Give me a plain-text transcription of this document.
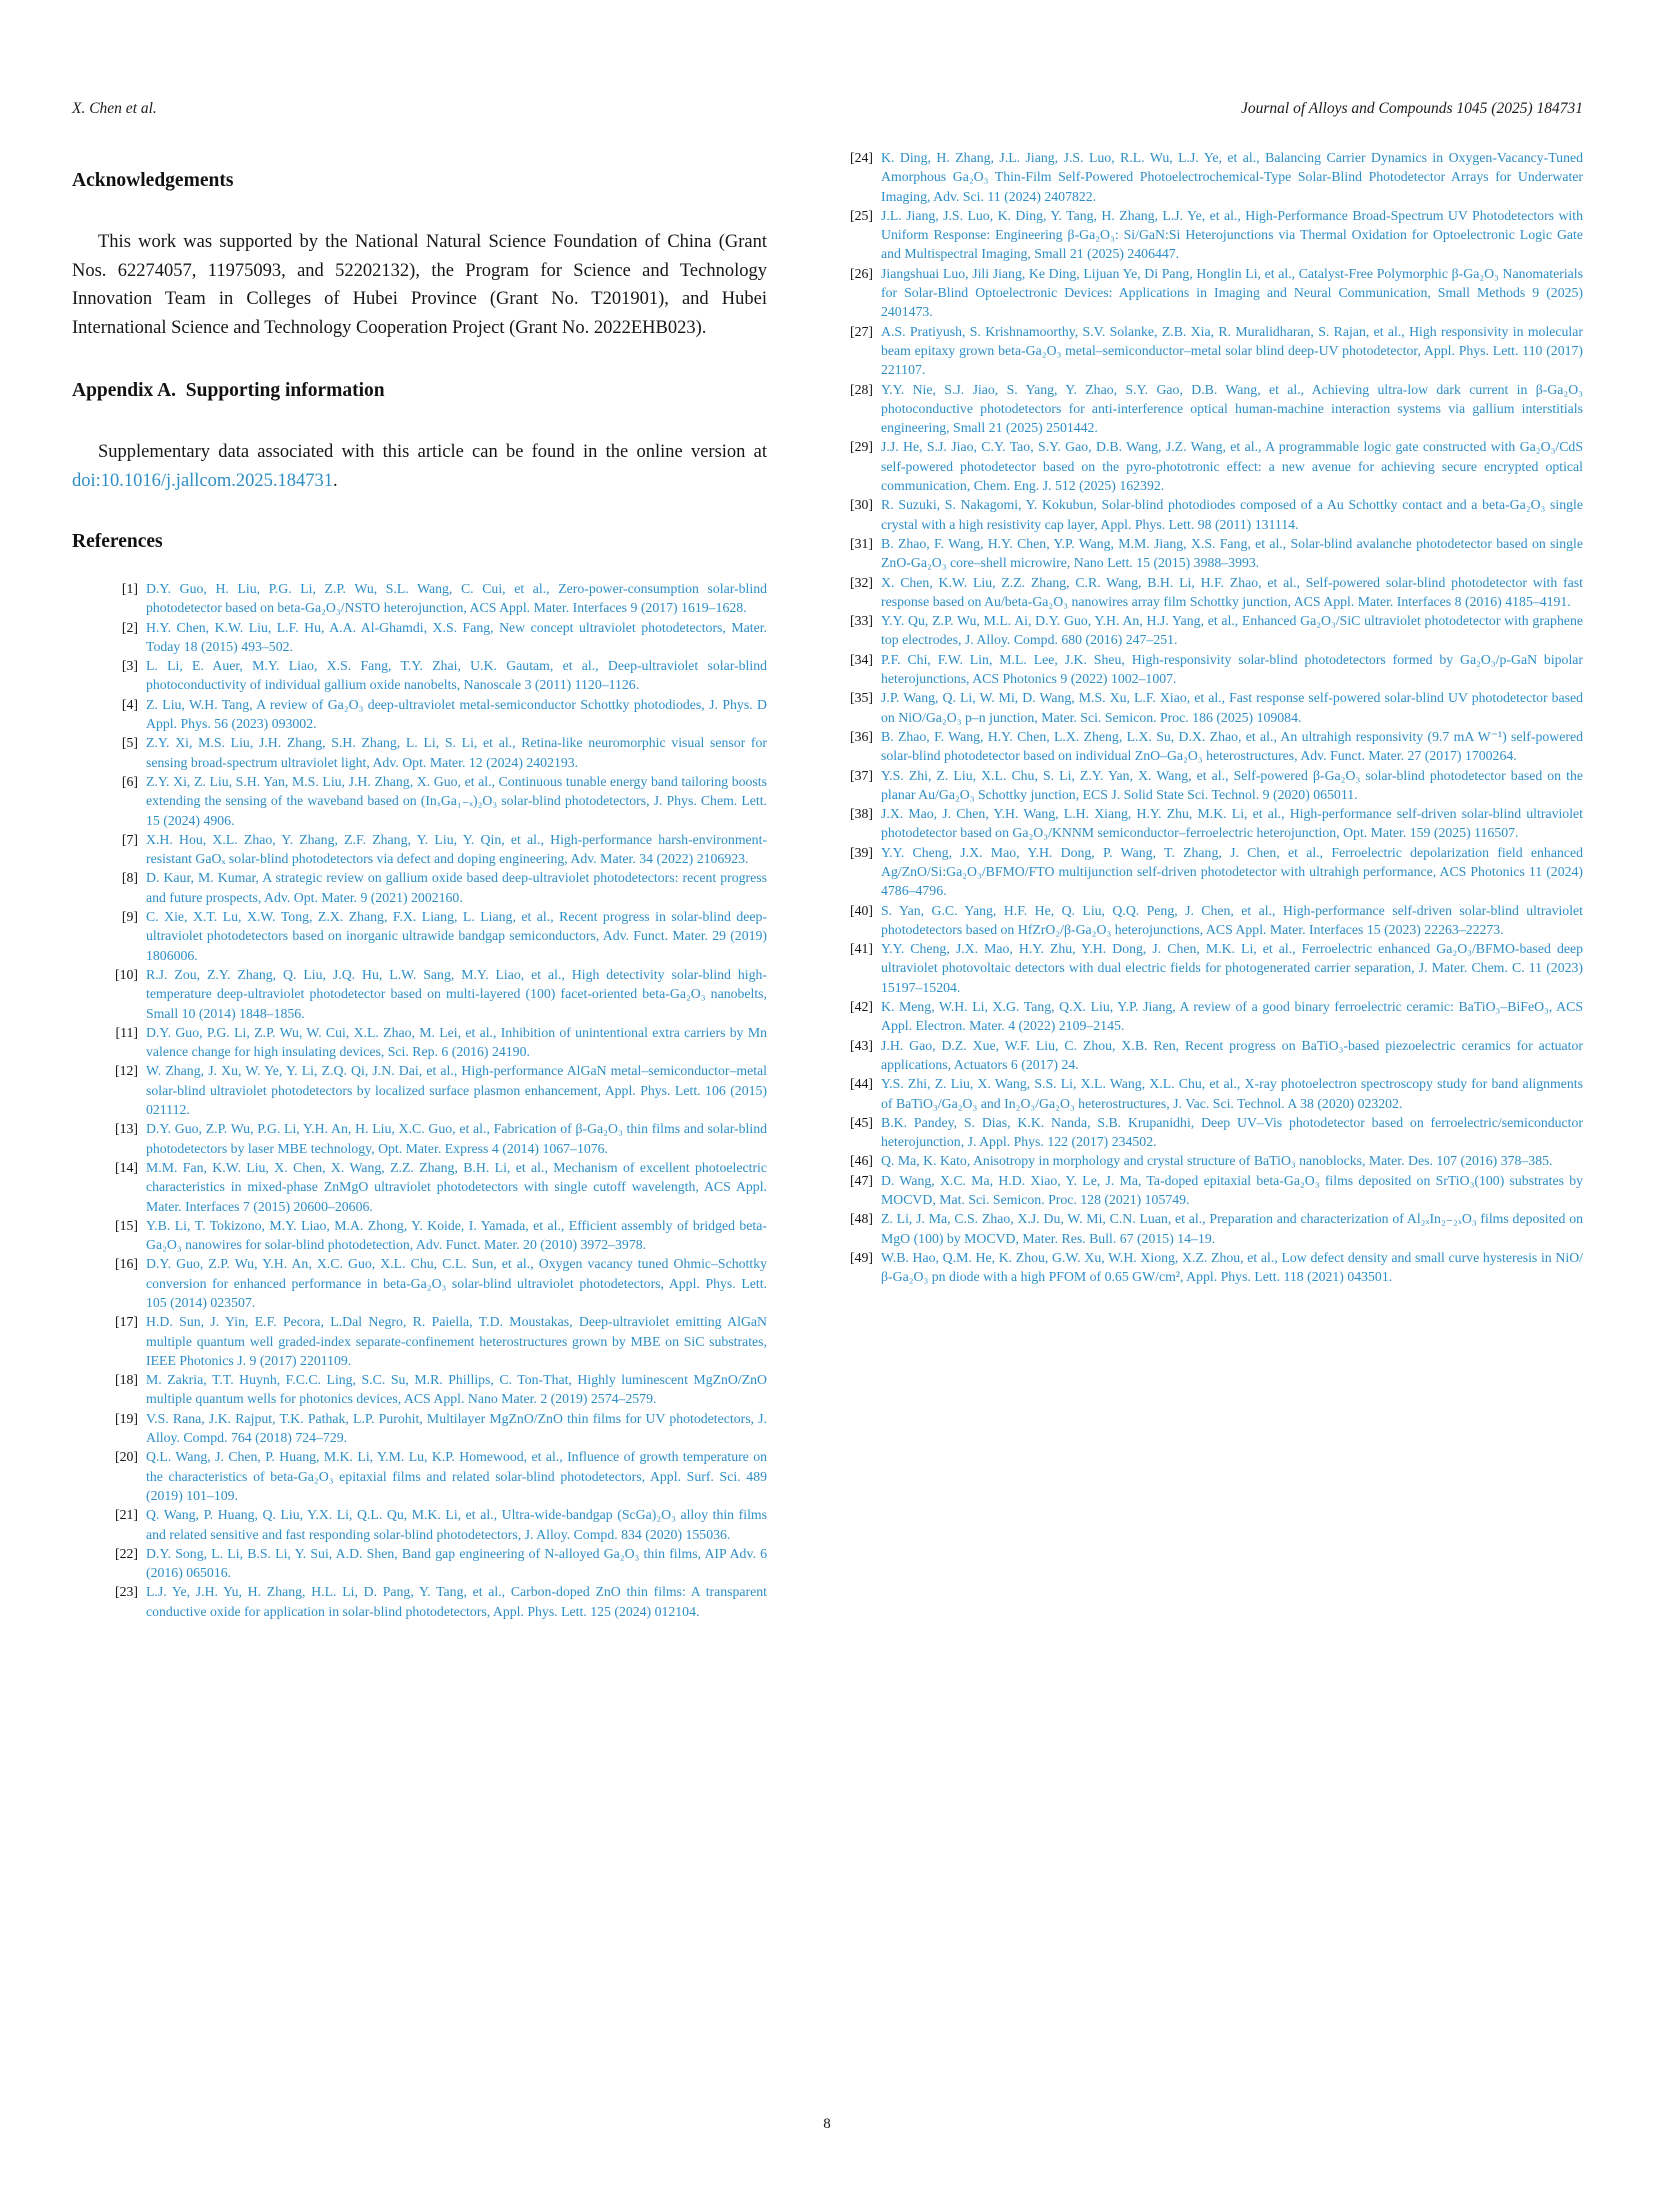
X. Chen et al.	Journal of Alloys and Compounds 1045 (2025) 184731
Acknowledgements

This work was supported by the National Natural Science Foundation of China (Grant Nos. 62274057, 11975093, and 52202132), the Program for Science and Technology Innovation Team in Colleges of Hubei Province (Grant No. T201901), and Hubei International Science and Technology Cooperation Project (Grant No. 2022EHB023).

Appendix A.  Supporting information

Supplementary data associated with this article can be found in the online version at doi:10.1016/j.jallcom.2025.184731.

References
[1] D.Y. Guo, H. Liu, P.G. Li, Z.P. Wu, S.L. Wang, C. Cui, et al., Zero-power-consumption solar-blind photodetector based on beta-Ga₂O₃/NSTO heterojunction, ACS Appl. Mater. Interfaces 9 (2017) 1619–1628.
[2] H.Y. Chen, K.W. Liu, L.F. Hu, A.A. Al-Ghamdi, X.S. Fang, New concept ultraviolet photodetectors, Mater. Today 18 (2015) 493–502.
[3] L. Li, E. Auer, M.Y. Liao, X.S. Fang, T.Y. Zhai, U.K. Gautam, et al., Deep-ultraviolet solar-blind photoconductivity of individual gallium oxide nanobelts, Nanoscale 3 (2011) 1120–1126.
[4] Z. Liu, W.H. Tang, A review of Ga₂O₃ deep-ultraviolet metal-semiconductor Schottky photodiodes, J. Phys. D Appl. Phys. 56 (2023) 093002.
[5] Z.Y. Xi, M.S. Liu, J.H. Zhang, S.H. Zhang, L. Li, S. Li, et al., Retina-like neuromorphic visual sensor for sensing broad-spectrum ultraviolet light, Adv. Opt. Mater. 12 (2024) 2402193.
[6] Z.Y. Xi, Z. Liu, S.H. Yan, M.S. Liu, J.H. Zhang, X. Guo, et al., Continuous tunable energy band tailoring boosts extending the sensing of the waveband based on (InₓGa₁₋ₓ)₂O₃ solar-blind photodetectors, J. Phys. Chem. Lett. 15 (2024) 4906.
[7] X.H. Hou, X.L. Zhao, Y. Zhang, Z.F. Zhang, Y. Liu, Y. Qin, et al., High-performance harsh-environment-resistant GaOₓ solar-blind photodetectors via defect and doping engineering, Adv. Mater. 34 (2022) 2106923.
[8] D. Kaur, M. Kumar, A strategic review on gallium oxide based deep-ultraviolet photodetectors: recent progress and future prospects, Adv. Opt. Mater. 9 (2021) 2002160.
[9] C. Xie, X.T. Lu, X.W. Tong, Z.X. Zhang, F.X. Liang, L. Liang, et al., Recent progress in solar-blind deep-ultraviolet photodetectors based on inorganic ultrawide bandgap semiconductors, Adv. Funct. Mater. 29 (2019) 1806006.
[10] R.J. Zou, Z.Y. Zhang, Q. Liu, J.Q. Hu, L.W. Sang, M.Y. Liao, et al., High detectivity solar-blind high-temperature deep-ultraviolet photodetector based on multi-layered (100) facet-oriented beta-Ga₂O₃ nanobelts, Small 10 (2014) 1848–1856.
[11] D.Y. Guo, P.G. Li, Z.P. Wu, W. Cui, X.L. Zhao, M. Lei, et al., Inhibition of unintentional extra carriers by Mn valence change for high insulating devices, Sci. Rep. 6 (2016) 24190.
[12] W. Zhang, J. Xu, W. Ye, Y. Li, Z.Q. Qi, J.N. Dai, et al., High-performance AlGaN metal–semiconductor–metal solar-blind ultraviolet photodetectors by localized surface plasmon enhancement, Appl. Phys. Lett. 106 (2015) 021112.
[13] D.Y. Guo, Z.P. Wu, P.G. Li, Y.H. An, H. Liu, X.C. Guo, et al., Fabrication of β-Ga₂O₃ thin films and solar-blind photodetectors by laser MBE technology, Opt. Mater. Express 4 (2014) 1067–1076.
[14] M.M. Fan, K.W. Liu, X. Chen, X. Wang, Z.Z. Zhang, B.H. Li, et al., Mechanism of excellent photoelectric characteristics in mixed-phase ZnMgO ultraviolet photodetectors with single cutoff wavelength, ACS Appl. Mater. Interfaces 7 (2015) 20600–20606.
[15] Y.B. Li, T. Tokizono, M.Y. Liao, M.A. Zhong, Y. Koide, I. Yamada, et al., Efficient assembly of bridged beta-Ga₂O₃ nanowires for solar-blind photodetection, Adv. Funct. Mater. 20 (2010) 3972–3978.
[16] D.Y. Guo, Z.P. Wu, Y.H. An, X.C. Guo, X.L. Chu, C.L. Sun, et al., Oxygen vacancy tuned Ohmic–Schottky conversion for enhanced performance in beta-Ga₂O₃ solar-blind ultraviolet photodetectors, Appl. Phys. Lett. 105 (2014) 023507.
[17] H.D. Sun, J. Yin, E.F. Pecora, L.Dal Negro, R. Paiella, T.D. Moustakas, Deep-ultraviolet emitting AlGaN multiple quantum well graded-index separate-confinement heterostructures grown by MBE on SiC substrates, IEEE Photonics J. 9 (2017) 2201109.
[18] M. Zakria, T.T. Huynh, F.C.C. Ling, S.C. Su, M.R. Phillips, C. Ton-That, Highly luminescent MgZnO/ZnO multiple quantum wells for photonics devices, ACS Appl. Nano Mater. 2 (2019) 2574–2579.
[19] V.S. Rana, J.K. Rajput, T.K. Pathak, L.P. Purohit, Multilayer MgZnO/ZnO thin films for UV photodetectors, J. Alloy. Compd. 764 (2018) 724–729.
[20] Q.L. Wang, J. Chen, P. Huang, M.K. Li, Y.M. Lu, K.P. Homewood, et al., Influence of growth temperature on the characteristics of beta-Ga₂O₃ epitaxial films and related solar-blind photodetectors, Appl. Surf. Sci. 489 (2019) 101–109.
[21] Q. Wang, P. Huang, Q. Liu, Y.X. Li, Q.L. Qu, M.K. Li, et al., Ultra-wide-bandgap (ScGa)₂O₃ alloy thin films and related sensitive and fast responding solar-blind photodetectors, J. Alloy. Compd. 834 (2020) 155036.
[22] D.Y. Song, L. Li, B.S. Li, Y. Sui, A.D. Shen, Band gap engineering of N-alloyed Ga₂O₃ thin films, AIP Adv. 6 (2016) 065016.
[23] L.J. Ye, J.H. Yu, H. Zhang, H.L. Li, D. Pang, Y. Tang, et al., Carbon-doped ZnO thin films: A transparent conductive oxide for application in solar-blind photodetectors, Appl. Phys. Lett. 125 (2024) 012104.
[24] K. Ding, H. Zhang, J.L. Jiang, J.S. Luo, R.L. Wu, L.J. Ye, et al., Balancing Carrier Dynamics in Oxygen-Vacancy-Tuned Amorphous Ga₂O₃ Thin-Film Self-Powered Photoelectrochemical-Type Solar-Blind Photodetector Arrays for Underwater Imaging, Adv. Sci. 11 (2024) 2407822.
[25] J.L. Jiang, J.S. Luo, K. Ding, Y. Tang, H. Zhang, L.J. Ye, et al., High-Performance Broad-Spectrum UV Photodetectors with Uniform Response: Engineering β-Ga₂O₃: Si/GaN:Si Heterojunctions via Thermal Oxidation for Optoelectronic Logic Gate and Multispectral Imaging, Small 21 (2025) 2406447.
[26] Jiangshuai Luo, Jili Jiang, Ke Ding, Lijuan Ye, Di Pang, Honglin Li, et al., Catalyst-Free Polymorphic β-Ga₂O₃ Nanomaterials for Solar-Blind Optoelectronic Devices: Applications in Imaging and Neural Communication, Small Methods 9 (2025) 2401473.
[27] A.S. Pratiyush, S. Krishnamoorthy, S.V. Solanke, Z.B. Xia, R. Muralidharan, S. Rajan, et al., High responsivity in molecular beam epitaxy grown beta-Ga₂O₃ metal–semiconductor–metal solar blind deep-UV photodetector, Appl. Phys. Lett. 110 (2017) 221107.
[28] Y.Y. Nie, S.J. Jiao, S. Yang, Y. Zhao, S.Y. Gao, D.B. Wang, et al., Achieving ultra-low dark current in β-Ga₂O₃ photoconductive photodetectors for anti-interference optical human-machine interaction systems via gallium interstitials engineering, Small 21 (2025) 2501442.
[29] J.J. He, S.J. Jiao, C.Y. Tao, S.Y. Gao, D.B. Wang, J.Z. Wang, et al., A programmable logic gate constructed with Ga₂O₃/CdS self-powered photodetector based on the pyro-phototronic effect: a new avenue for achieving secure encrypted optical communication, Chem. Eng. J. 512 (2025) 162392.
[30] R. Suzuki, S. Nakagomi, Y. Kokubun, Solar-blind photodiodes composed of a Au Schottky contact and a beta-Ga₂O₃ single crystal with a high resistivity cap layer, Appl. Phys. Lett. 98 (2011) 131114.
[31] B. Zhao, F. Wang, H.Y. Chen, Y.P. Wang, M.M. Jiang, X.S. Fang, et al., Solar-blind avalanche photodetector based on single ZnO-Ga₂O₃ core–shell microwire, Nano Lett. 15 (2015) 3988–3993.
[32] X. Chen, K.W. Liu, Z.Z. Zhang, C.R. Wang, B.H. Li, H.F. Zhao, et al., Self-powered solar-blind photodetector with fast response based on Au/beta-Ga₂O₃ nanowires array film Schottky junction, ACS Appl. Mater. Interfaces 8 (2016) 4185–4191.
[33] Y.Y. Qu, Z.P. Wu, M.L. Ai, D.Y. Guo, Y.H. An, H.J. Yang, et al., Enhanced Ga₂O₃/SiC ultraviolet photodetector with graphene top electrodes, J. Alloy. Compd. 680 (2016) 247–251.
[34] P.F. Chi, F.W. Lin, M.L. Lee, J.K. Sheu, High-responsivity solar-blind photodetectors formed by Ga₂O₃/p-GaN bipolar heterojunctions, ACS Photonics 9 (2022) 1002–1007.
[35] J.P. Wang, Q. Li, W. Mi, D. Wang, M.S. Xu, L.F. Xiao, et al., Fast response self-powered solar-blind UV photodetector based on NiO/Ga₂O₃ p–n junction, Mater. Sci. Semicon. Proc. 186 (2025) 109084.
[36] B. Zhao, F. Wang, H.Y. Chen, L.X. Zheng, L.X. Su, D.X. Zhao, et al., An ultrahigh responsivity (9.7 mA W⁻¹) self-powered solar-blind photodetector based on individual ZnO–Ga₂O₃ heterostructures, Adv. Funct. Mater. 27 (2017) 1700264.
[37] Y.S. Zhi, Z. Liu, X.L. Chu, S. Li, Z.Y. Yan, X. Wang, et al., Self-powered β-Ga₂O₃ solar-blind photodetector based on the planar Au/Ga₂O₃ Schottky junction, ECS J. Solid State Sci. Technol. 9 (2020) 065011.
[38] J.X. Mao, J. Chen, Y.H. Wang, L.H. Xiang, H.Y. Zhu, M.K. Li, et al., High-performance self-driven solar-blind ultraviolet photodetector based on Ga₂O₃/KNNM semiconductor–ferroelectric heterojunction, Opt. Mater. 159 (2025) 116507.
[39] Y.Y. Cheng, J.X. Mao, Y.H. Dong, P. Wang, T. Zhang, J. Chen, et al., Ferroelectric depolarization field enhanced Ag/ZnO/Si:Ga₂O₃/BFMO/FTO multijunction self-driven photodetector with ultrahigh performance, ACS Photonics 11 (2024) 4786–4796.
[40] S. Yan, G.C. Yang, H.F. He, Q. Liu, Q.Q. Peng, J. Chen, et al., High-performance self-driven solar-blind ultraviolet photodetectors based on HfZrO₂/β-Ga₂O₃ heterojunctions, ACS Appl. Mater. Interfaces 15 (2023) 22263–22273.
[41] Y.Y. Cheng, J.X. Mao, H.Y. Zhu, Y.H. Dong, J. Chen, M.K. Li, et al., Ferroelectric enhanced Ga₂O₃/BFMO-based deep ultraviolet photovoltaic detectors with dual electric fields for photogenerated carrier separation, J. Mater. Chem. C. 11 (2023) 15197–15204.
[42] K. Meng, W.H. Li, X.G. Tang, Q.X. Liu, Y.P. Jiang, A review of a good binary ferroelectric ceramic: BaTiO₃–BiFeO₃, ACS Appl. Electron. Mater. 4 (2022) 2109–2145.
[43] J.H. Gao, D.Z. Xue, W.F. Liu, C. Zhou, X.B. Ren, Recent progress on BaTiO₃-based piezoelectric ceramics for actuator applications, Actuators 6 (2017) 24.
[44] Y.S. Zhi, Z. Liu, X. Wang, S.S. Li, X.L. Wang, X.L. Chu, et al., X-ray photoelectron spectroscopy study for band alignments of BaTiO₃/Ga₂O₃ and In₂O₃/Ga₂O₃ heterostructures, J. Vac. Sci. Technol. A 38 (2020) 023202.
[45] B.K. Pandey, S. Dias, K.K. Nanda, S.B. Krupanidhi, Deep UV–Vis photodetector based on ferroelectric/semiconductor heterojunction, J. Appl. Phys. 122 (2017) 234502.
[46] Q. Ma, K. Kato, Anisotropy in morphology and crystal structure of BaTiO₃ nanoblocks, Mater. Des. 107 (2016) 378–385.
[47] D. Wang, X.C. Ma, H.D. Xiao, Y. Le, J. Ma, Ta-doped epitaxial beta-Ga₂O₃ films deposited on SrTiO₃(100) substrates by MOCVD, Mat. Sci. Semicon. Proc. 128 (2021) 105749.
[48] Z. Li, J. Ma, C.S. Zhao, X.J. Du, W. Mi, C.N. Luan, et al., Preparation and characterization of Al₂ₓIn₂₋₂ₓO₃ films deposited on MgO (100) by MOCVD, Mater. Res. Bull. 67 (2015) 14–19.
[49] W.B. Hao, Q.M. He, K. Zhou, G.W. Xu, W.H. Xiong, X.Z. Zhou, et al., Low defect density and small curve hysteresis in NiO/β-Ga₂O₃ pn diode with a high PFOM of 0.65 GW/cm², Appl. Phys. Lett. 118 (2021) 043501.
8
